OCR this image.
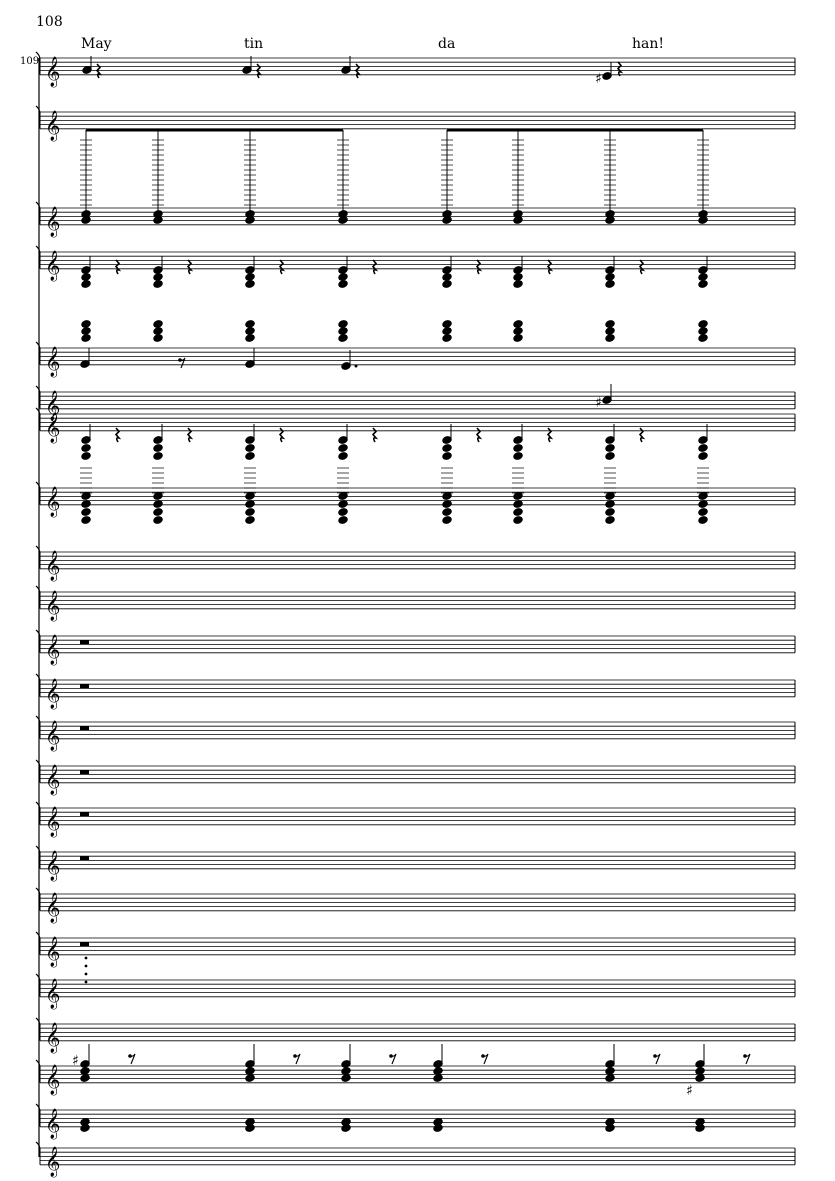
108
109
May	tin	da	han!
𝄞
𝄞
𝄞
𝄞
𝄞
𝄞
𝄞
𝄞
𝄞
𝄞
𝄞
𝄞
𝄞
𝄞
𝄞
𝄞
𝄞
𝄞
𝄞
𝄞
𝄞
𝄞
𝄞
♯
♯
♯
♯
